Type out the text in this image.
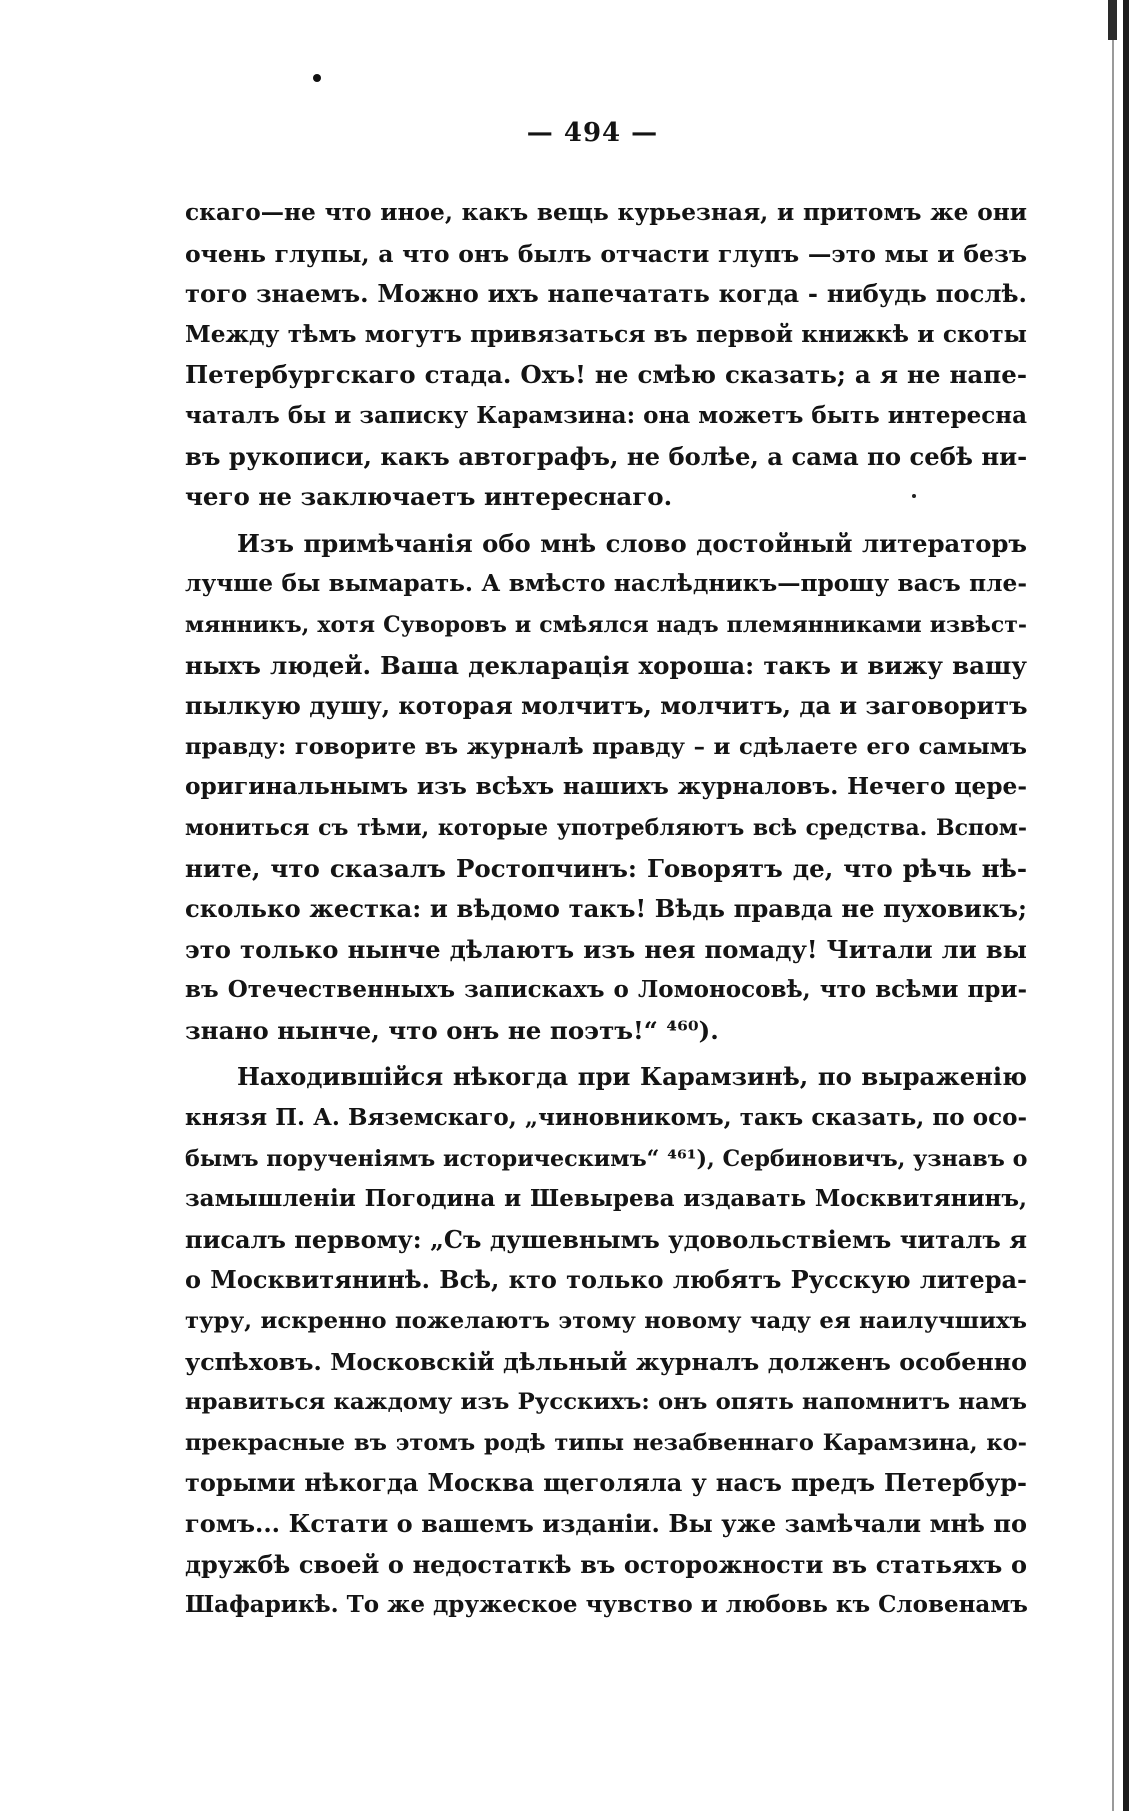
— 494 —
скаго—не что иное, какъ вещь курьезная, и притомъ же они
очень глупы, а что онъ былъ отчасти глупъ —это мы и безъ
того знаемъ. Можно ихъ напечатать когда - нибудь послѣ.
Между тѣмъ могутъ привязаться въ первой книжкѣ и скоты
Петербургскаго стада. Охъ! не смѣю сказать; а я не напе-
чаталъ бы и записку Карамзина: она можетъ быть интересна
въ рукописи, какъ автографъ, не болѣе, а сама по себѣ ни-
чего не заключаетъ интереснаго.
Изъ примѣчанія обо мнѣ слово достойный литераторъ
лучше бы вымарать. А вмѣсто наслѣдникъ—прошу васъ пле-
мянникъ, хотя Суворовъ и смѣялся надъ племянниками извѣст-
ныхъ людей. Ваша декларація хороша: такъ и вижу вашу
пылкую душу, которая молчитъ, молчитъ, да и заговоритъ
правду: говорите въ журналѣ правду – и сдѣлаете его самымъ
оригинальнымъ изъ всѣхъ нашихъ журналовъ. Нечего цере-
мониться съ тѣми, которые употребляютъ всѣ средства. Вспом-
ните, что сказалъ Ростопчинъ: Говорятъ де, что рѣчь нѣ-
сколько жестка: и вѣдомо такъ! Вѣдь правда не пуховикъ;
это только нынче дѣлаютъ изъ нея помаду! Читали ли вы
въ Отечественныхъ запискахъ о Ломоносовѣ, что всѣми при-
знано нынче, что онъ не поэтъ!“ ⁴⁶⁰).
Находившійся нѣкогда при Карамзинѣ, по выраженію
князя П. А. Вяземскаго, „чиновникомъ, такъ сказать, по осо-
бымъ порученіямъ историческимъ“ ⁴⁶¹), Сербиновичъ, узнавъ о
замышленіи Погодина и Шевырева издавать Москвитянинъ,
писалъ первому: „Съ душевнымъ удовольствіемъ читалъ я
о Москвитянинѣ. Всѣ, кто только любятъ Русскую литера-
туру, искренно пожелаютъ этому новому чаду ея наилучшихъ
успѣховъ. Московскій дѣльный журналъ долженъ особенно
нравиться каждому изъ Русскихъ: онъ опять напомнитъ намъ
прекрасные въ этомъ родѣ типы незабвеннаго Карамзина, ко-
торыми нѣкогда Москва щеголяла у насъ предъ Петербур-
гомъ... Кстати о вашемъ изданіи. Вы уже замѣчали мнѣ по
дружбѣ своей о недостаткѣ въ осторожности въ статьяхъ о
Шафарикѣ. То же дружеское чувство и любовь къ Словенамъ
